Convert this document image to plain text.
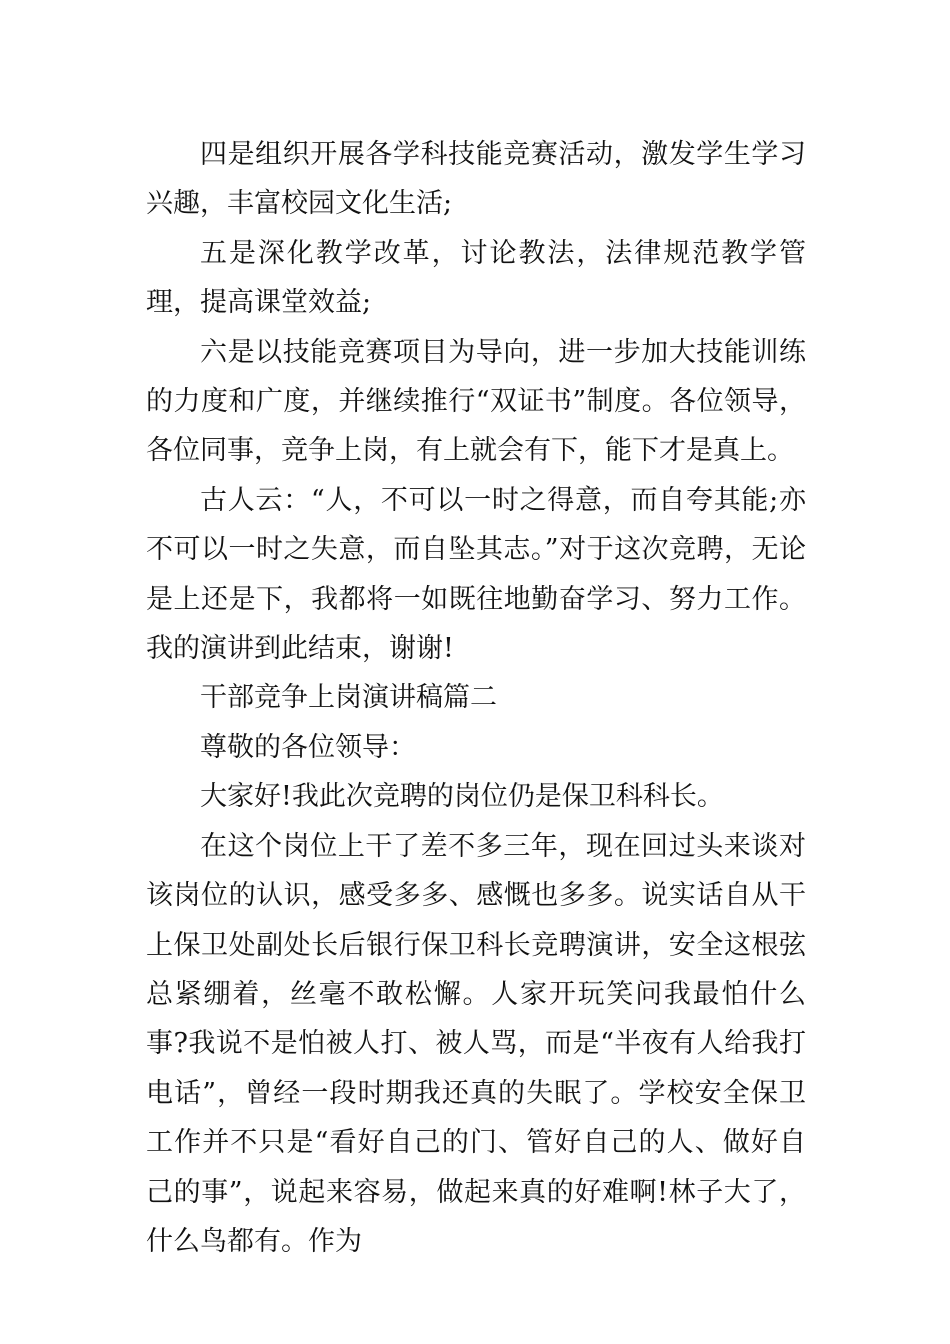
四是组织开展各学科技能竞赛活动，激发学生学习兴趣，丰富校园文化生活;

五是深化教学改革，讨论教法，法律规范教学管理，提高课堂效益;

六是以技能竞赛项目为导向，进一步加大技能训练的力度和广度，并继续推行“双证书”制度。各位领导，各位同事，竞争上岗，有上就会有下，能下才是真上。

古人云：“人，不可以一时之得意，而自夸其能;亦不可以一时之失意，而自坠其志。”对于这次竞聘，无论是上还是下，我都将一如既往地勤奋学习、努力工作。我的演讲到此结束，谢谢!

干部竞争上岗演讲稿篇二

尊敬的各位领导：

大家好!我此次竞聘的岗位仍是保卫科科长。

在这个岗位上干了差不多三年，现在回过头来谈对该岗位的认识，感受多多、感慨也多多。说实话自从干上保卫处副处长后银行保卫科长竞聘演讲，安全这根弦总紧绷着，丝毫不敢松懈。人家开玩笑问我最怕什么事?我说不是怕被人打、被人骂，而是“半夜有人给我打电话”，曾经一段时期我还真的失眠了。学校安全保卫工作并不只是“看好自己的门、管好自己的人、做好自己的事”，说起来容易，做起来真的好难啊!林子大了，什么鸟都有。作为
